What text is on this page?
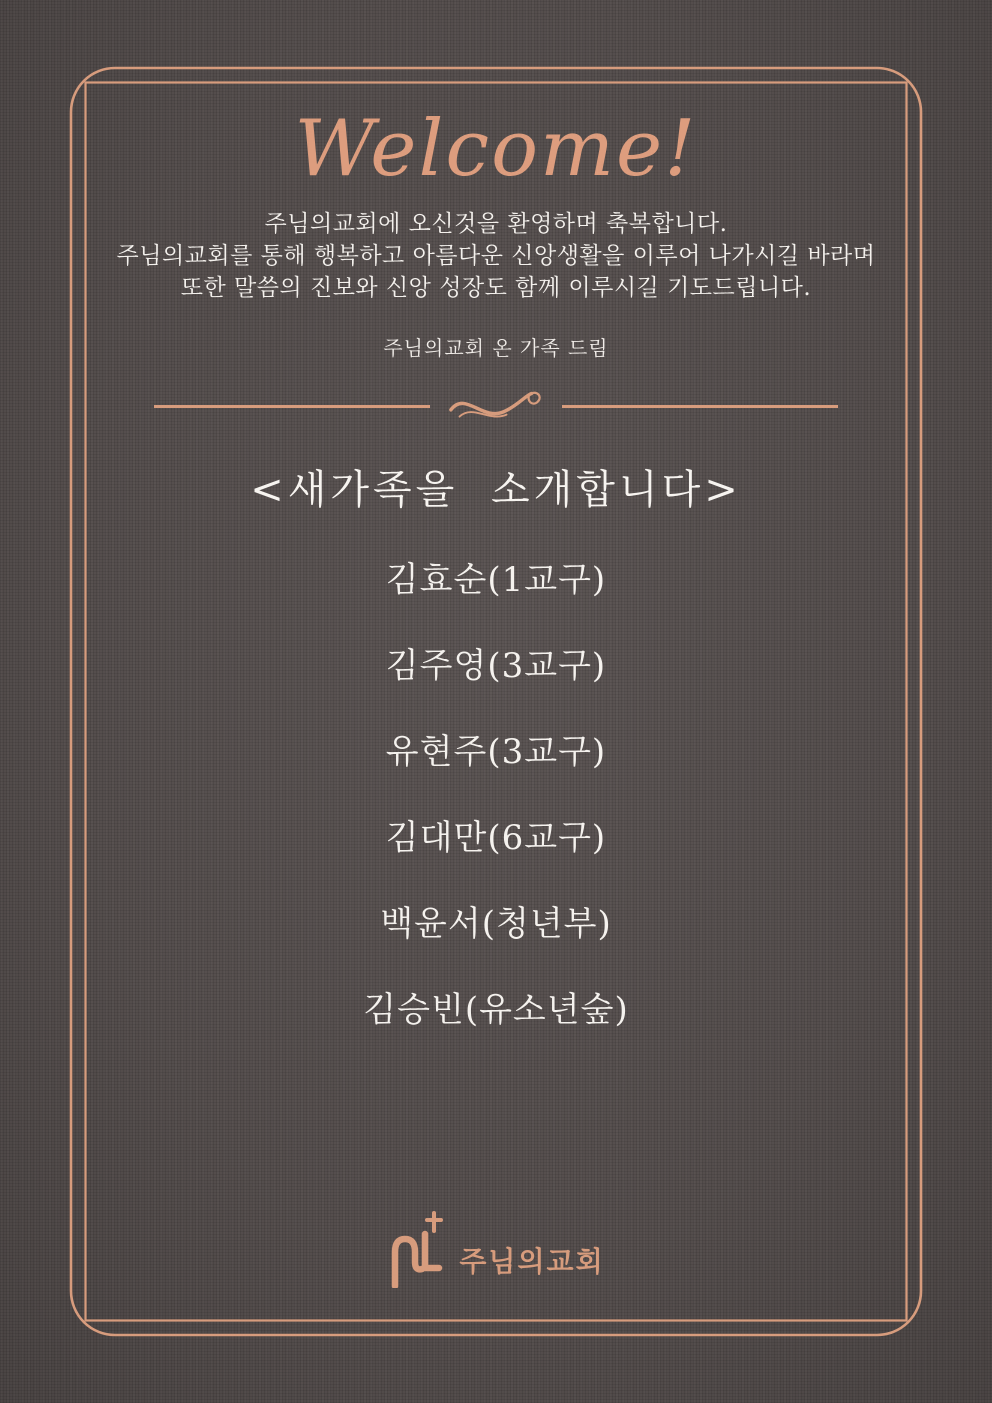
Welcome!
주님의교회에 오신것을 환영하며 축복합니다.
주님의교회를 통해 행복하고 아름다운 신앙생활을 이루어 나가시길 바라며
또한 말씀의 진보와 신앙 성장도 함께 이루시길 기도드립니다.
주님의교회 온 가족 드림
<새가족을 소개합니다>
김효순(1교구)
김주영(3교구)
유현주(3교구)
김대만(6교구)
백윤서(청년부)
김승빈(유소년숲)
주님의교회
